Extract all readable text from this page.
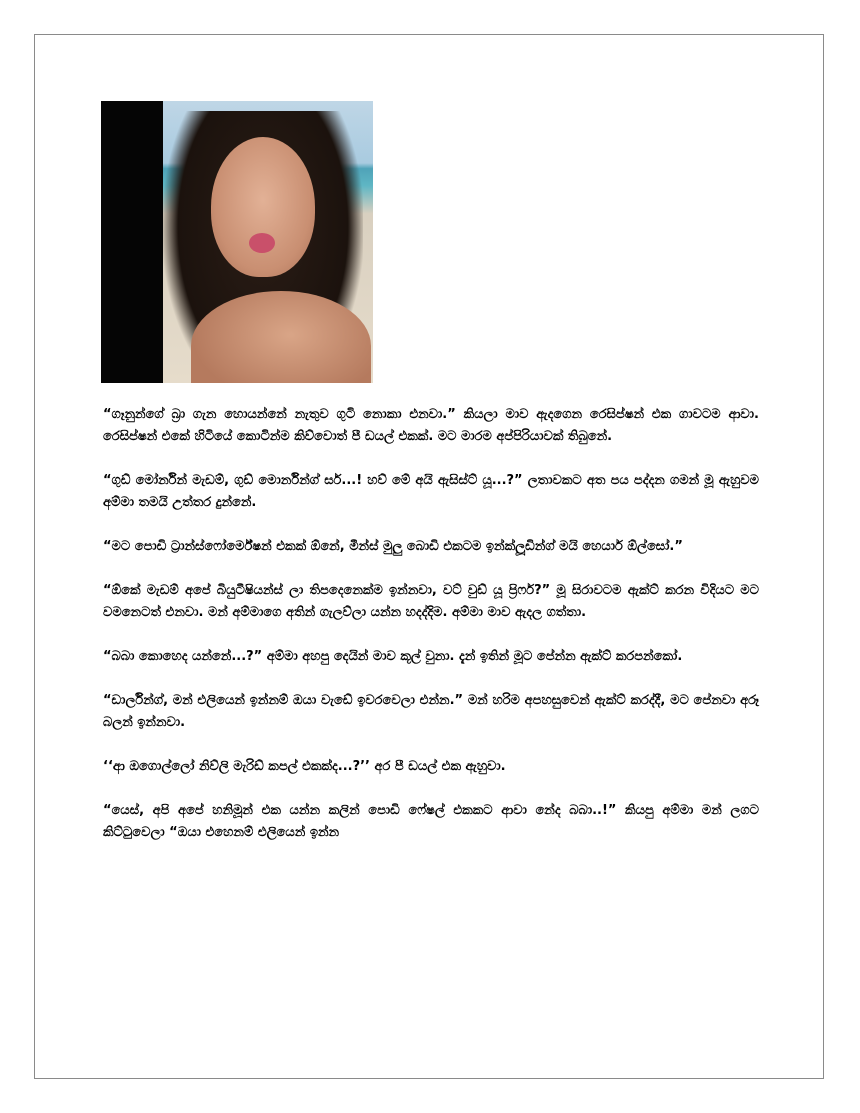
“ගෑනුන්ගේ බ්‍රා ගැන හොයන්නේ නැතුව ගුටි නොකා එනවා.” කියලා මාව ඇදගෙන රෙසිප්ෂන් එක ගාවටම ආවා. රෙසිප්ෂන් එකේ හිටියේ කොටින්ම කිව්වොත් පී ඩයල් එකක්. මට මාරම අප්පිරියාවක් තිබුනේ.

“ගුඩ් මෝර්නින් මැඩම්, ගුඩ් මොර්නින්ග් සර්...! හව් මේ අයි ඇසිස්ට් යූ...?” ලතාවකට අත පය පද්දන ගමන් මූ ඇහුවම අම්මා තමයි උත්තර දුන්නේ.

“මට පොඩි ට්‍රාන්ස්ෆෝර්මේෂන් එකක් ඕනේ, මීන්ස් මුලු බොඩි එකටම ඉන්ක්ලූඩින්ග් මයි හෙයාර් ඕල්සෝ.”

“ඕකේ මැඩම් අපේ බියුටීෂියන්ස් ලා තිපදෙනෙක්ම ඉන්නවා, වට් වුඩ් යූ ප්‍රිෆර්?” මූ සිරාවටම ඇක්ට් කරන විදියට මට වමනෙටත් එනවා. මන් අම්මාගෙ අතින් ගැලව්ලා යන්න හදද්දිම. අම්මා මාව ඇදල ගත්තා.

“බබා කොහෙද යන්නේ...?” අම්මා අහපු දෙයින් මාව කූල් වුනා. දැන් ඉතින් මූට පේන්න ඇක්ට් කරපන්කෝ.

“ඩාර්ලින්ග්, මන් එලියෙන් ඉන්නම් ඔයා වැඩේ ඉවරවෙලා එන්න.” මන් හරිම අපහසුවෙන් ඇක්ට් කරද්දී, මට පේනවා අරූ බලන් ඉන්නවා.

‘‘ආ ඔගොල්ලෝ නිව්ලි මැරිඩ් කපල් එකක්ද...?’’ අර පී ඩයල් එක ඇහුවා.

“යෙස්, අපි අපේ හනිමූන් එක යන්න කලින් පොඩි ෆේෂල් එකකට ආවා නේද බබා..!” කියපු අම්මා මන් ලගට කිට්ටුවෙලා “ඔයා එහෙනම් එලියෙන් ඉන්න
